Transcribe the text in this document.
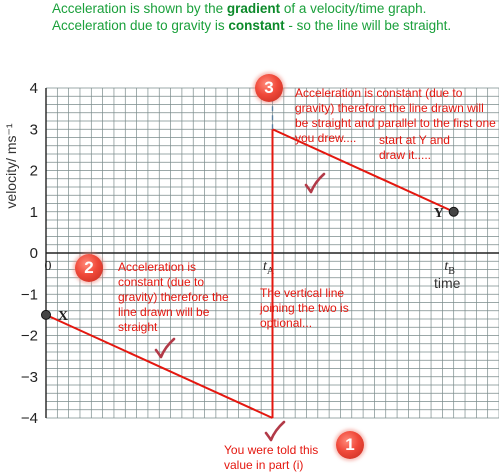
Acceleration is shown by the gradient of a velocity/time graph. Acceleration due to gravity is constant - so the line will be straight.
velocity/ ms⁻¹
time
4
3
2
1
0
−1
−2
−3
−4
0	$t_A$	$t_B$
X
Y
You were told this value in part (i)
Acceleration is constant (due to gravity) therefore the line drawn will be straight
Acceleration is constant (due to gravity) therefore the line drawn will be straight and parallel to the first one you drew....	start at Y and draw it.....
The vertical line joining the two is optional...
1
2
3
